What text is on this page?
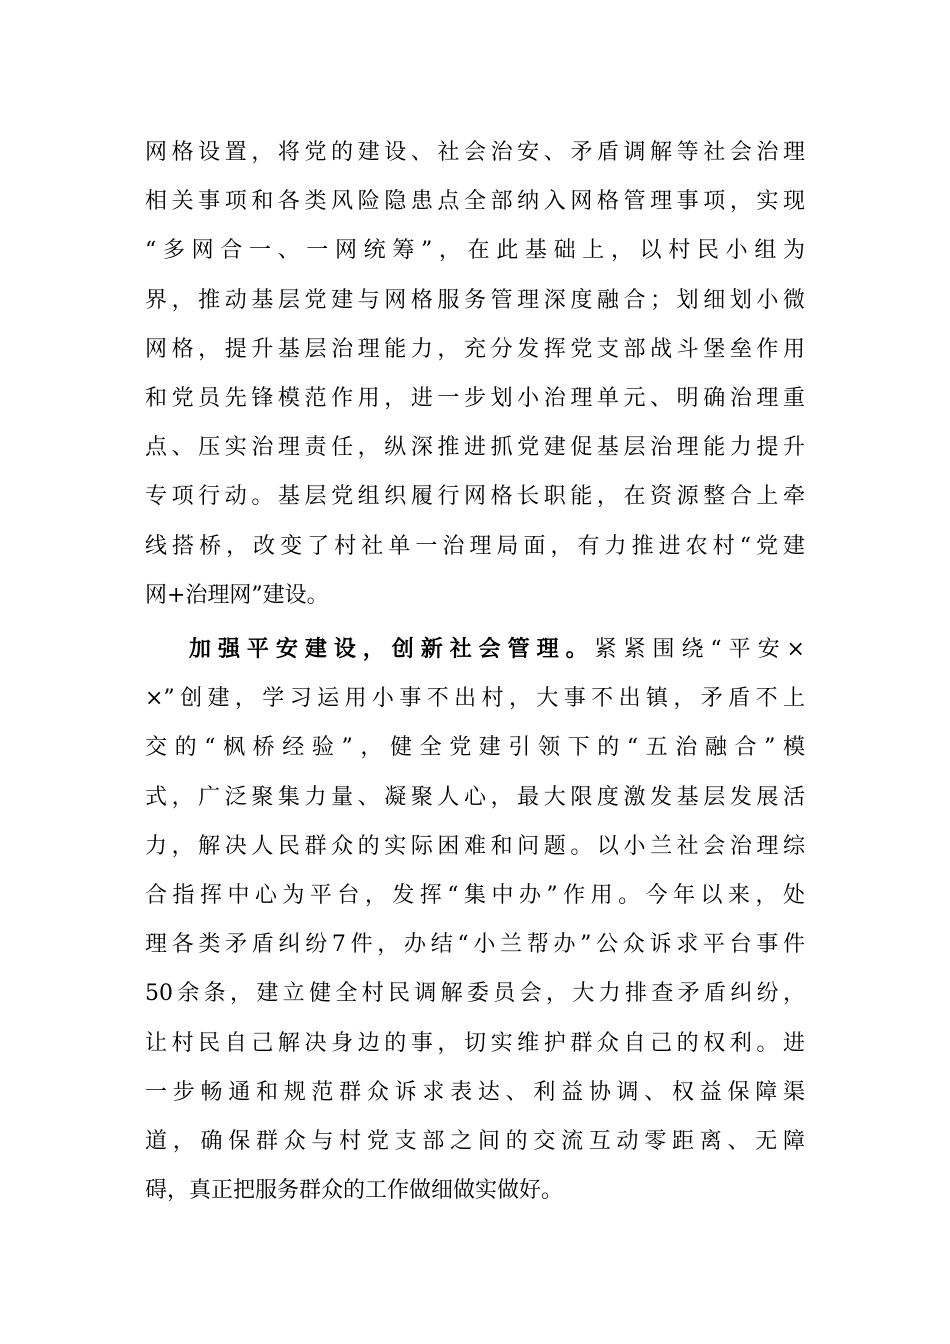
网格设置，将党的建设、社会治安、矛盾调解等社会治理
相关事项和各类风险隐患点全部纳入网格管理事项，实现
“多网合一、一网统筹”，在此基础上，以村民小组为
界，推动基层党建与网格服务管理深度融合；划细划小微
网格，提升基层治理能力，充分发挥党支部战斗堡垒作用
和党员先锋模范作用，进一步划小治理单元、明确治理重
点、压实治理责任，纵深推进抓党建促基层治理能力提升
专项行动。基层党组织履行网格长职能，在资源整合上牵
线搭桥，改变了村社单一治理局面，有力推进农村“党建
网+治理网”建设。
加强平安建设，创新社会管理。紧紧围绕“平安×
×”创建，学习运用小事不出村，大事不出镇，矛盾不上
交的“枫桥经验”，健全党建引领下的“五治融合”模
式，广泛聚集力量、凝聚人心，最大限度激发基层发展活
力，解决人民群众的实际困难和问题。以小兰社会治理综
合指挥中心为平台，发挥“集中办”作用。今年以来，处
理各类矛盾纠纷7件，办结“小兰帮办”公众诉求平台事件
50余条，建立健全村民调解委员会，大力排查矛盾纠纷，
让村民自己解决身边的事，切实维护群众自己的权利。进
一步畅通和规范群众诉求表达、利益协调、权益保障渠
道，确保群众与村党支部之间的交流互动零距离、无障
碍，真正把服务群众的工作做细做实做好。
